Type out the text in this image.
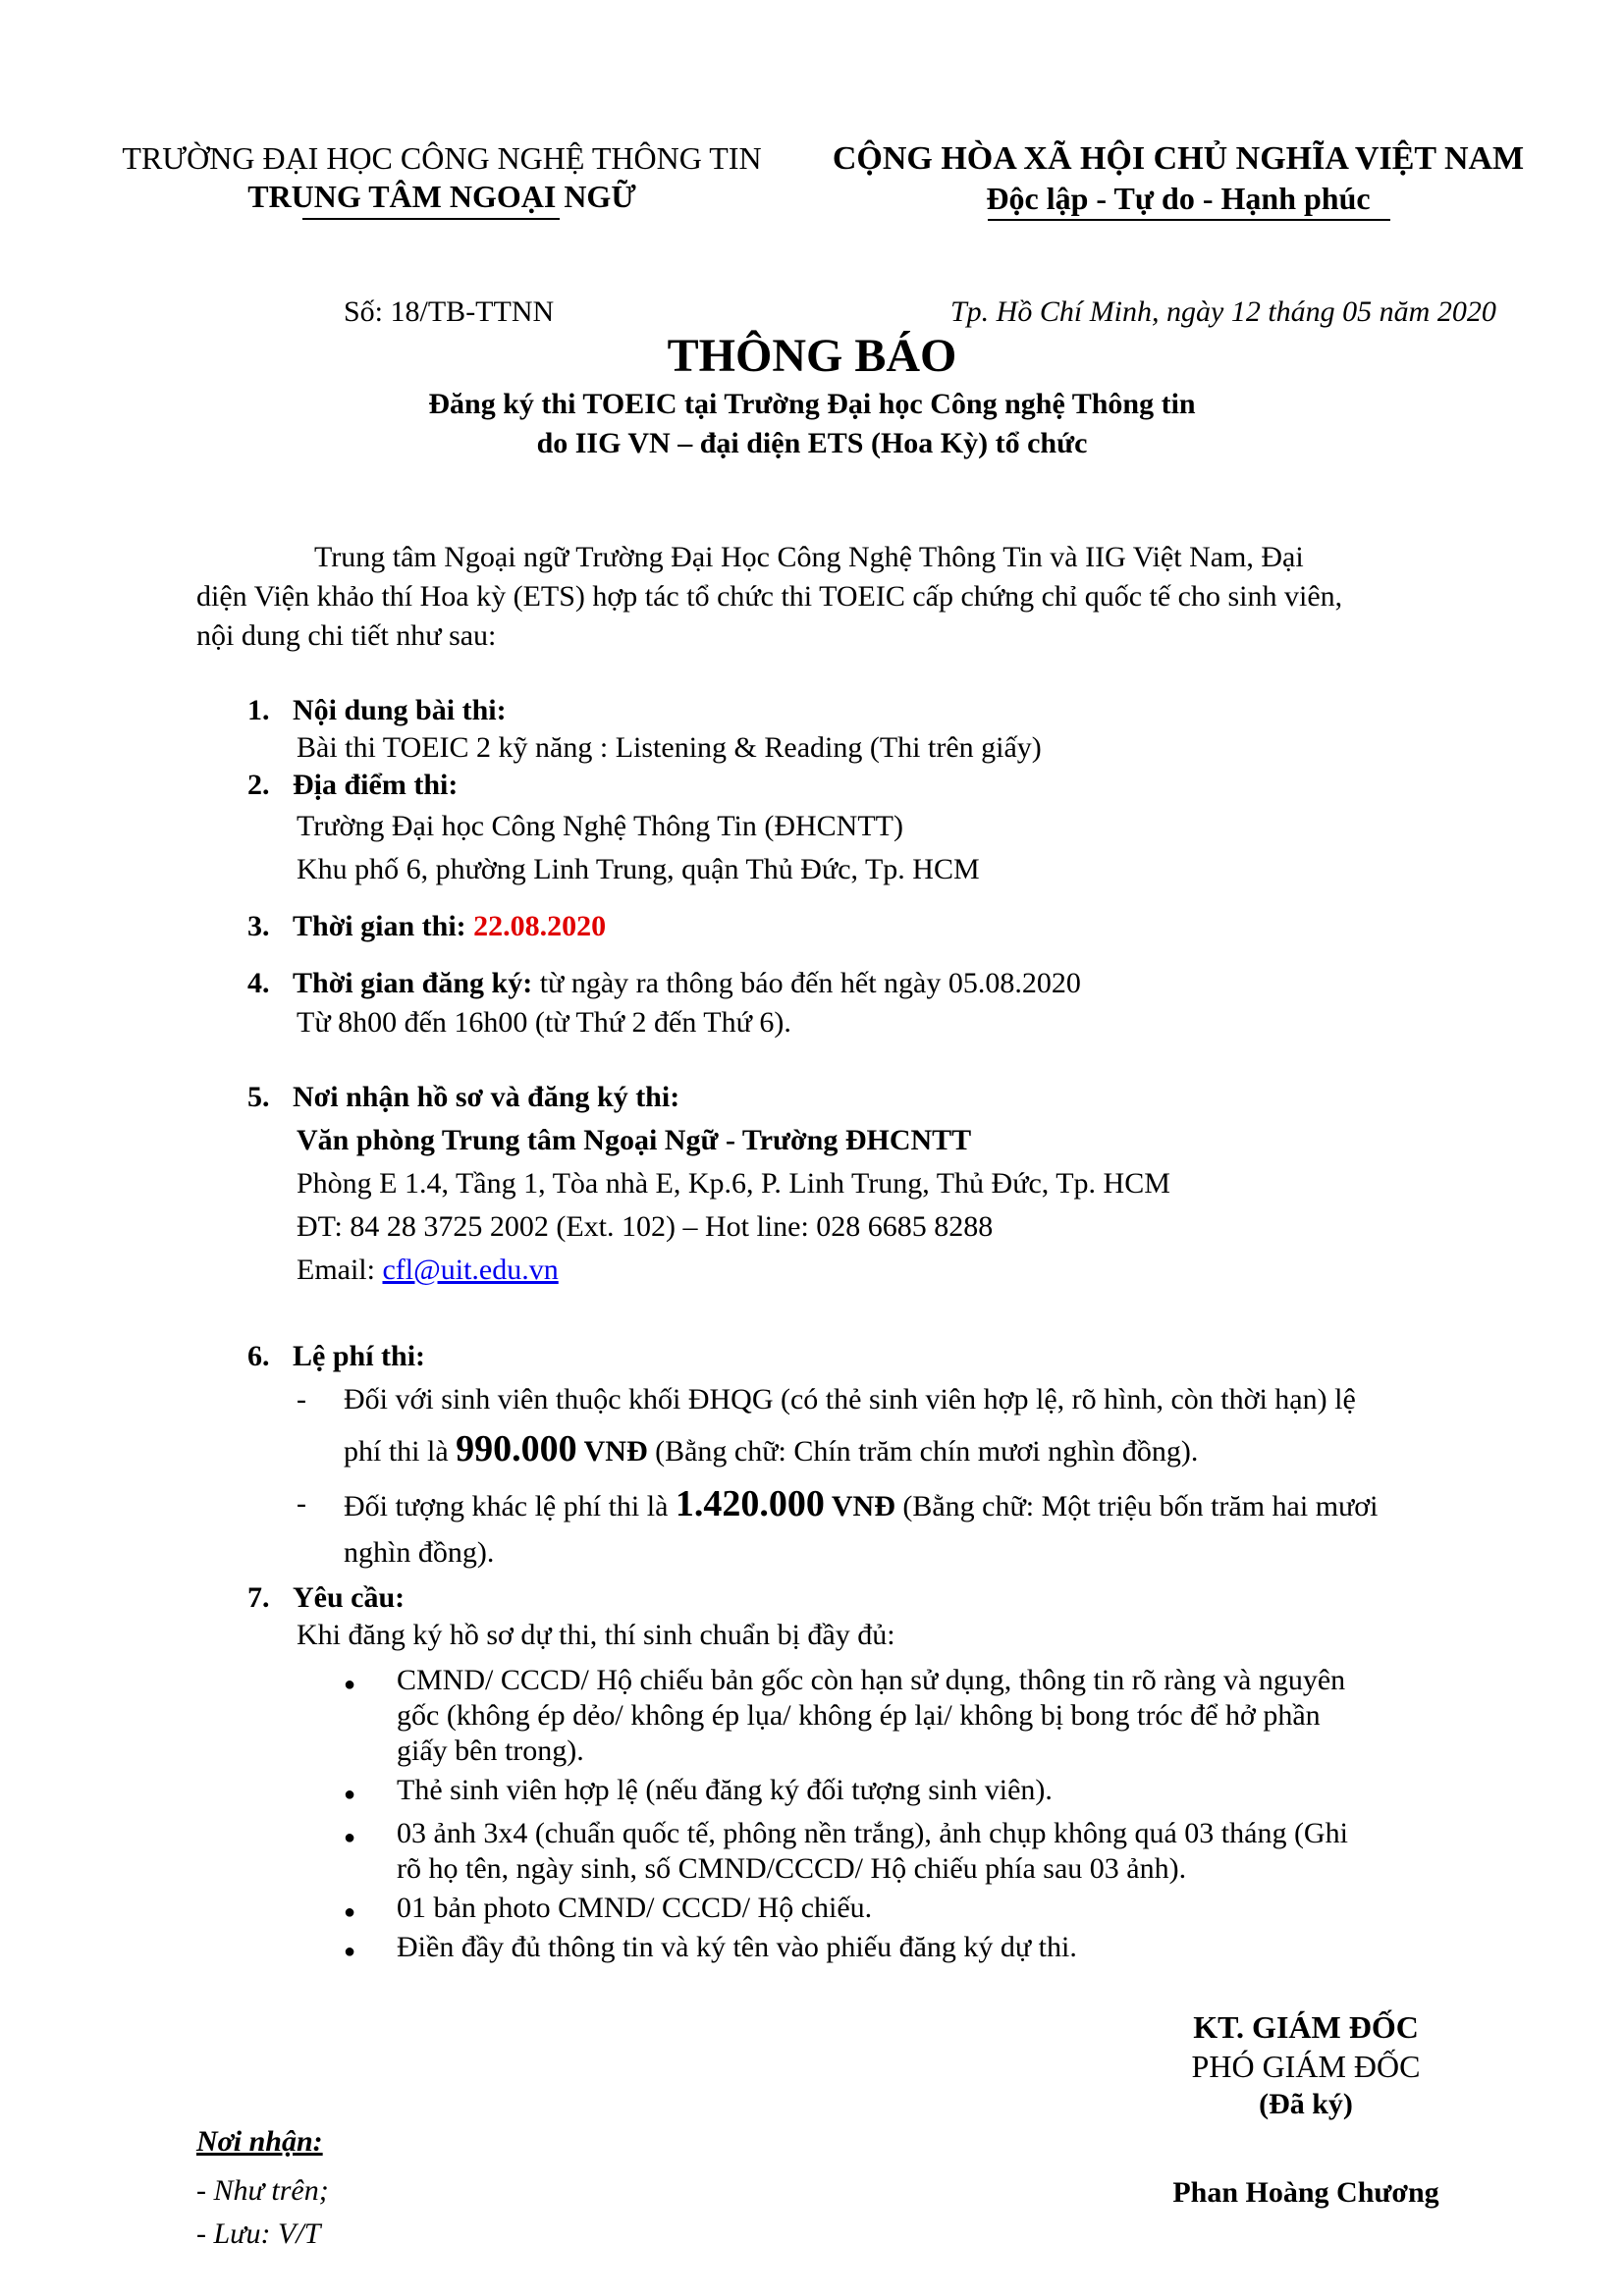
TRƯỜNG ĐẠI HỌC CÔNG NGHỆ THÔNG TIN
TRUNG TÂM NGOẠI NGỮ
CỘNG HÒA XÃ HỘI CHỦ NGHĨA VIỆT NAM
Độc lập - Tự do - Hạnh phúc
Số: 18/TB-TTNN	Tp. Hồ Chí Minh, ngày 12 tháng 05 năm 2020
THÔNG BÁO
Đăng ký thi TOEIC tại Trường Đại học Công nghệ Thông tin
do IIG VN – đại diện ETS (Hoa Kỳ) tổ chức
Trung tâm Ngoại ngữ Trường Đại Học Công Nghệ Thông Tin và IIG Việt Nam, Đại
diện Viện khảo thí Hoa kỳ (ETS) hợp tác tổ chức thi TOEIC cấp chứng chỉ quốc tế cho sinh viên,
nội dung chi tiết như sau:
1. Nội dung bài thi:
Bài thi TOEIC 2 kỹ năng : Listening & Reading (Thi trên giấy)
2. Địa điểm thi:
Trường Đại học Công Nghệ Thông Tin (ĐHCNTT)
Khu phố 6, phường Linh Trung, quận Thủ Đức, Tp. HCM
3. Thời gian thi: 22.08.2020
4. Thời gian đăng ký: từ ngày ra thông báo đến hết ngày 05.08.2020
Từ 8h00 đến 16h00 (từ Thứ 2 đến Thứ 6).
5. Nơi nhận hồ sơ và đăng ký thi:
Văn phòng Trung tâm Ngoại Ngữ - Trường ĐHCNTT
Phòng E 1.4, Tầng 1, Tòa nhà E, Kp.6, P. Linh Trung, Thủ Đức, Tp. HCM
ĐT: 84 28 3725 2002 (Ext. 102) – Hot line: 028 6685 8288
Email: cfl@uit.edu.vn
6. Lệ phí thi:
- Đối với sinh viên thuộc khối ĐHQG (có thẻ sinh viên hợp lệ, rõ hình, còn thời hạn) lệ
phí thi là 990.000 VNĐ (Bằng chữ: Chín trăm chín mươi nghìn đồng).
- Đối tượng khác lệ phí thi là 1.420.000 VNĐ (Bằng chữ: Một triệu bốn trăm hai mươi
nghìn đồng).
7. Yêu cầu:
Khi đăng ký hồ sơ dự thi, thí sinh chuẩn bị đầy đủ:
● CMND/ CCCD/ Hộ chiếu bản gốc còn hạn sử dụng, thông tin rõ ràng và nguyên
gốc (không ép dẻo/ không ép lụa/ không ép lại/ không bị bong tróc để hở phần
giấy bên trong).
● Thẻ sinh viên hợp lệ (nếu đăng ký đối tượng sinh viên).
● 03 ảnh 3x4 (chuẩn quốc tế, phông nền trắng), ảnh chụp không quá 03 tháng (Ghi
rõ họ tên, ngày sinh, số CMND/CCCD/ Hộ chiếu phía sau 03 ảnh).
● 01 bản photo CMND/ CCCD/ Hộ chiếu.
● Điền đầy đủ thông tin và ký tên vào phiếu đăng ký dự thi.
KT. GIÁM ĐỐC
PHÓ GIÁM ĐỐC
(Đã ký)
Phan Hoàng Chương
Nơi nhận:
- Như trên;
- Lưu: V/T
